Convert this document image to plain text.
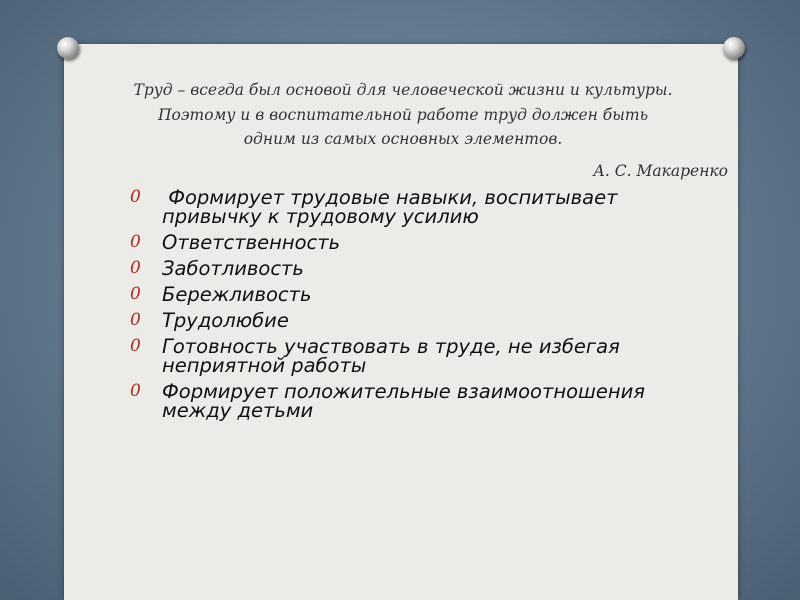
Труд – всегда был основой для человеческой жизни и культуры.
Поэтому и в воспитательной работе труд должен быть
одним из самых основных элементов.
А. С. Макаренко
0 Формирует трудовые навыки, воспитывает привычку к трудовому усилию
0 Ответственность
0 Заботливость
0 Бережливость
0 Трудолюбие
0 Готовность участвовать в труде, не избегая неприятной работы
0 Формирует положительные взаимоотношения между детьми
